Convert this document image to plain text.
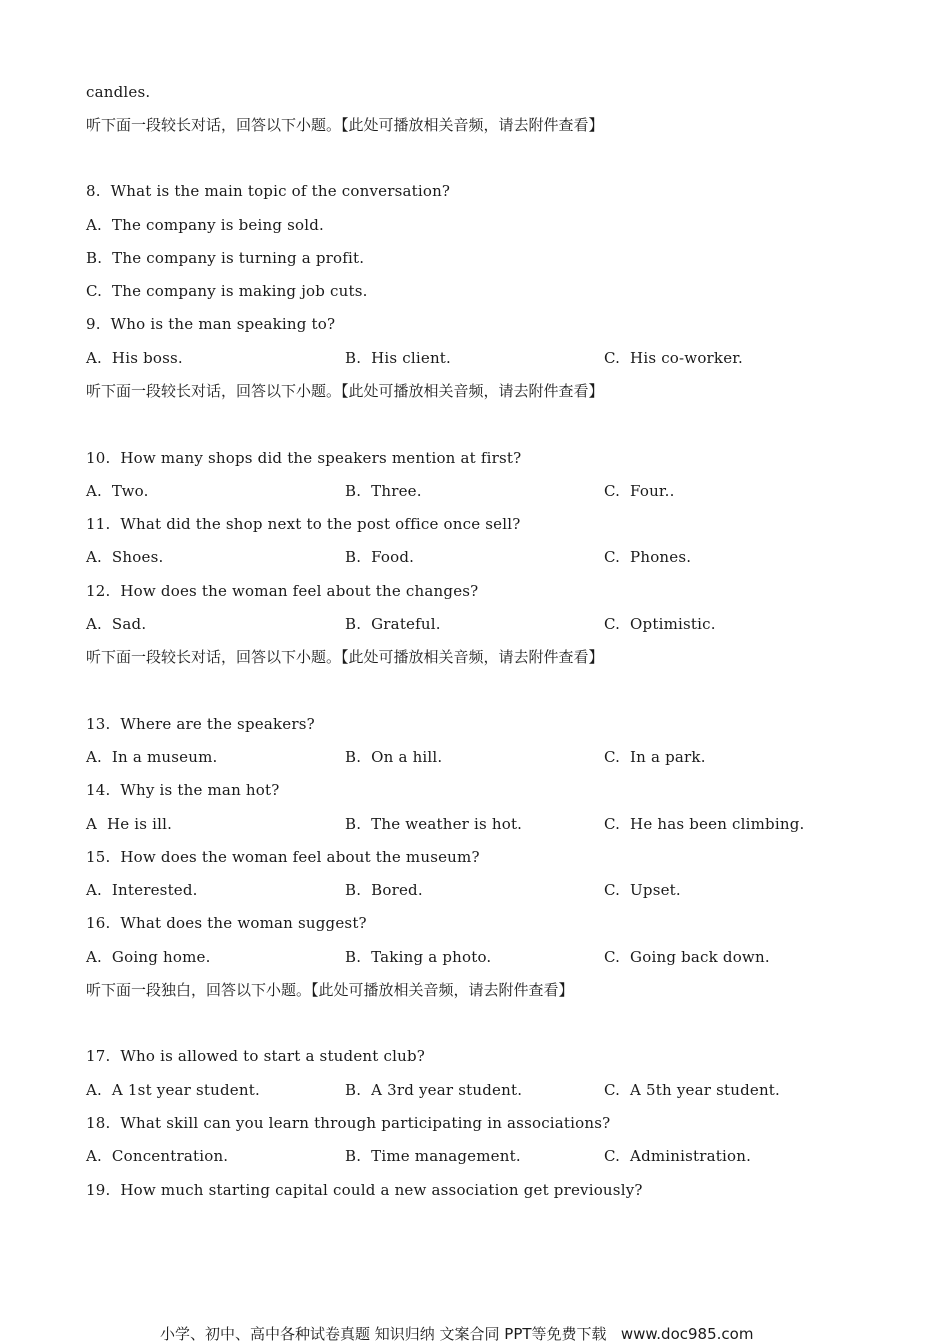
candles.
听下面一段较长对话，回答以下小题。【此处可播放相关音频，请去附件查看】
8.  What is the main topic of the conversation?
A.  The company is being sold.
B.  The company is turning a profit.
C.  The company is making job cuts.
9.  Who is the man speaking to?
A.  His boss.	B.  His client.	C.  His co-worker.
听下面一段较长对话，回答以下小题。【此处可播放相关音频，请去附件查看】
10.  How many shops did the speakers mention at first?
A.  Two.	B.  Three.	C.  Four..
11.  What did the shop next to the post office once sell?
A.  Shoes.	B.  Food.	C.  Phones.
12.  How does the woman feel about the changes?
A.  Sad.	B.  Grateful.	C.  Optimistic.
听下面一段较长对话，回答以下小题。【此处可播放相关音频，请去附件查看】
13.  Where are the speakers?
A.  In a museum.	B.  On a hill.	C.  In a park.
14.  Why is the man hot?
A  He is ill.	B.  The weather is hot.	C.  He has been climbing.
15.  How does the woman feel about the museum?
A.  Interested.	B.  Bored.	C.  Upset.
16.  What does the woman suggest?
A.  Going home.	B.  Taking a photo.	C.  Going back down.
听下面一段独白，回答以下小题。【此处可播放相关音频，请去附件查看】
17.  Who is allowed to start a student club?
A.  A 1st year student.	B.  A 3rd year student.	C.  A 5th year student.
18.  What skill can you learn through participating in associations?
A.  Concentration.	B.  Time management.	C.  Administration.
19.  How much starting capital could a new association get previously?
小学、初中、高中各种试卷真题 知识归纳 文案合同 PPT等免费下载   www.doc985.com
